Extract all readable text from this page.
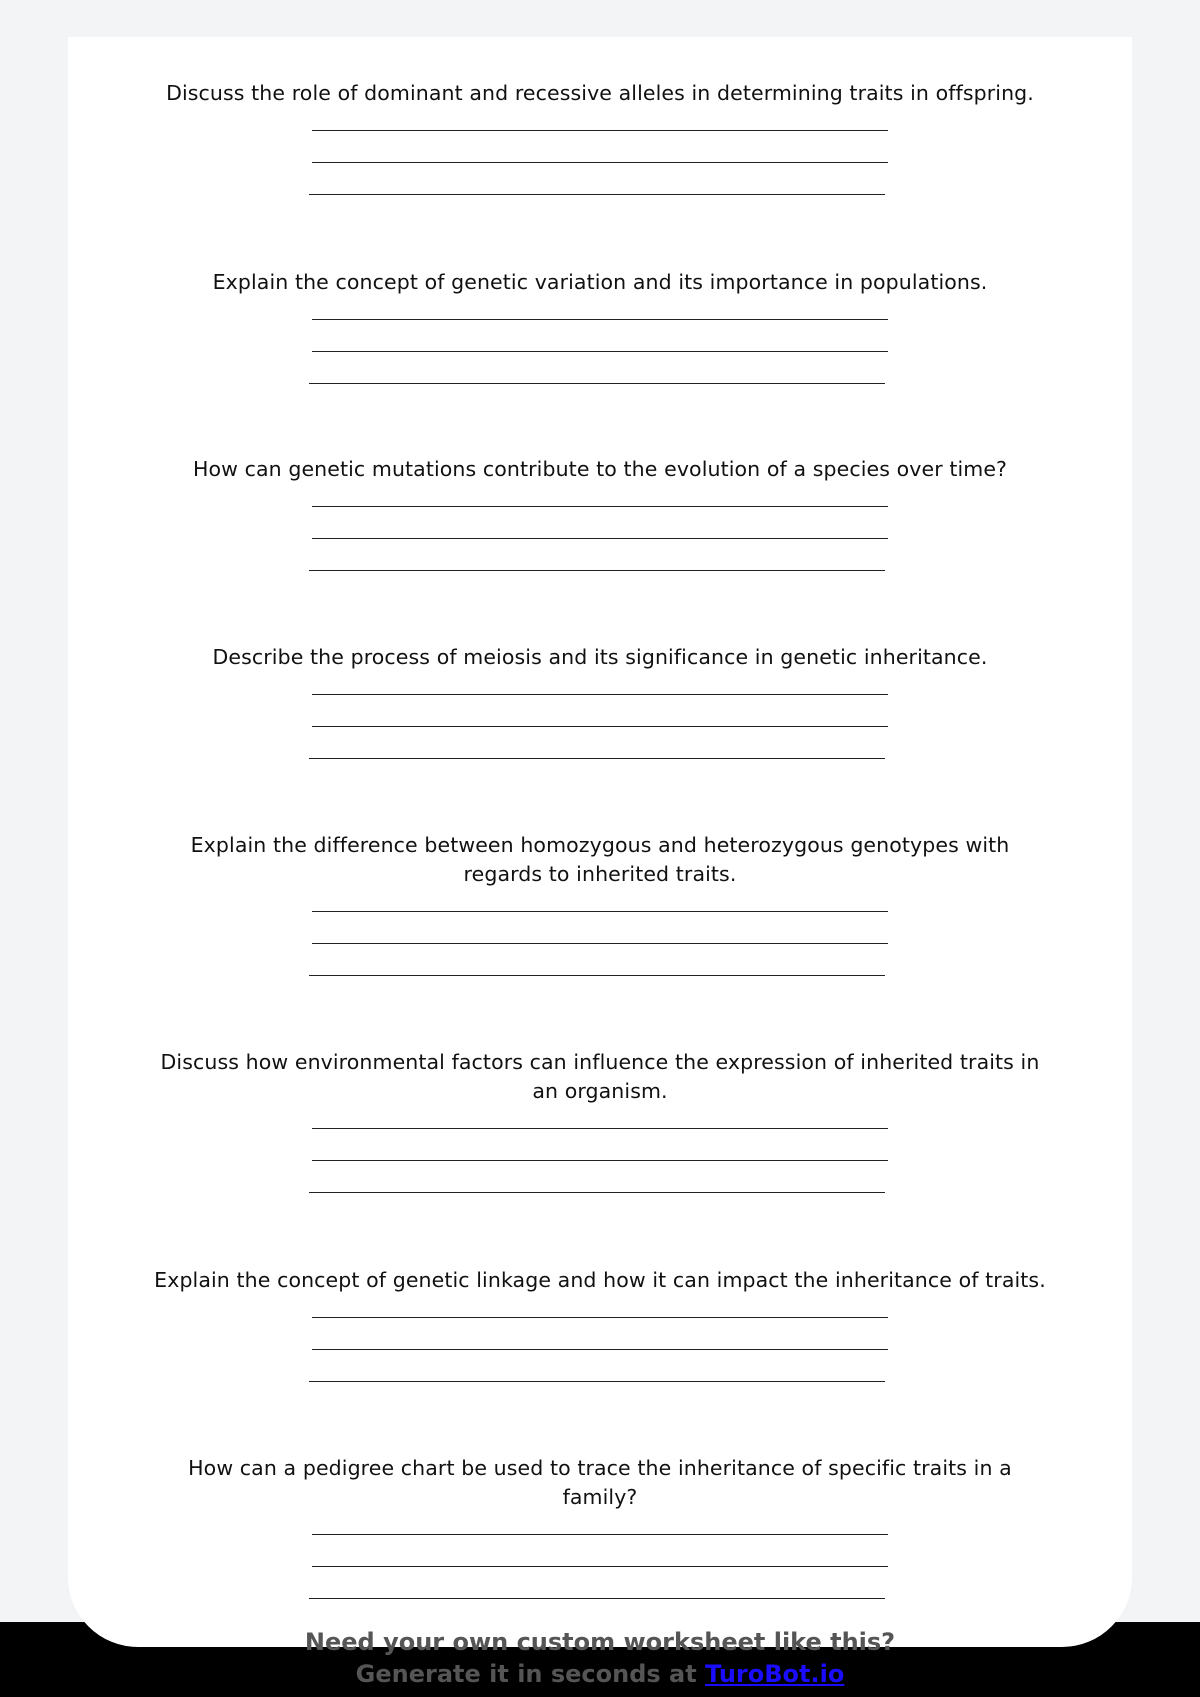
Discuss the role of dominant and recessive alleles in determining traits in offspring.
Explain the concept of genetic variation and its importance in populations.
How can genetic mutations contribute to the evolution of a species over time?
Describe the process of meiosis and its significance in genetic inheritance.
Explain the difference between homozygous and heterozygous genotypes with regards to inherited traits.
Discuss how environmental factors can influence the expression of inherited traits in an organism.
Explain the concept of genetic linkage and how it can impact the inheritance of traits.
How can a pedigree chart be used to trace the inheritance of specific traits in a family?
Need your own custom worksheet like this?
Generate it in seconds at TuroBot.io
